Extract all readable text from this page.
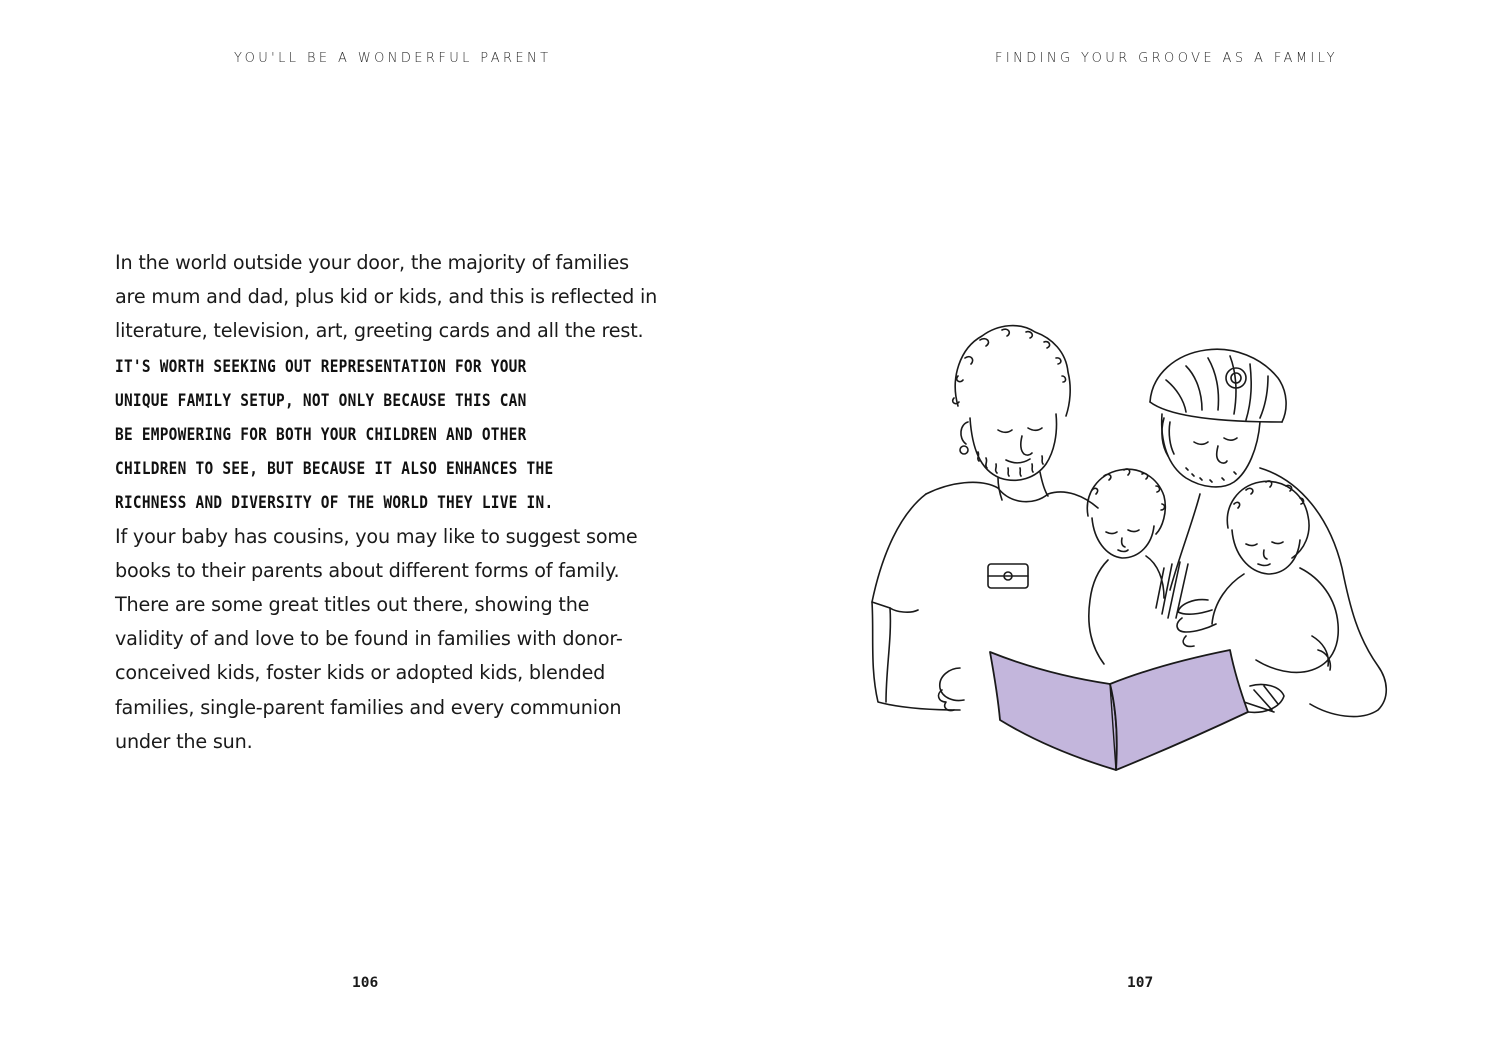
YOU'LL BE A WONDERFUL PARENT
In the world outside your door, the majority of families
are mum and dad, plus kid or kids, and this is reflected in
literature, television, art, greeting cards and all the rest.
IT'S WORTH SEEKING OUT REPRESENTATION FOR YOUR
UNIQUE FAMILY SETUP, NOT ONLY BECAUSE THIS CAN
BE EMPOWERING FOR BOTH YOUR CHILDREN AND OTHER
CHILDREN TO SEE, BUT BECAUSE IT ALSO ENHANCES THE
RICHNESS AND DIVERSITY OF THE WORLD THEY LIVE IN.
If your baby has cousins, you may like to suggest some
books to their parents about different forms of family.
There are some great titles out there, showing the
validity of and love to be found in families with donor-
conceived kids, foster kids or adopted kids, blended
families, single-parent families and every communion
under the sun.
106
FINDING YOUR GROOVE AS A FAMILY
107
